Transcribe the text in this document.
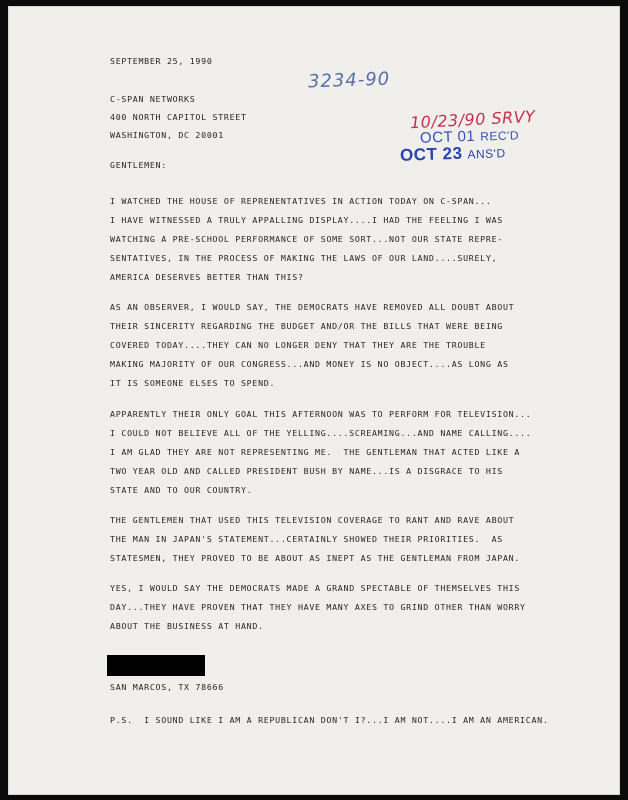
SEPTEMBER 25, 1990
3234-90
C-SPAN NETWORKS
400 NORTH CAPITOL STREET
WASHINGTON, DC 20001
10/23/90 SRVY
OCT 01 REC'D
OCT 23 ANS'D
GENTLEMEN:

I WATCHED THE HOUSE OF REPRENENTATIVES IN ACTION TODAY ON C-SPAN...

I HAVE WITNESSED A TRULY APPALLING DISPLAY....I HAD THE FEELING I WAS

WATCHING A PRE-SCHOOL PERFORMANCE OF SOME SORT...NOT OUR STATE REPRE-

SENTATIVES, IN THE PROCESS OF MAKING THE LAWS OF OUR LAND....SURELY,

AMERICA DESERVES BETTER THAN THIS?

AS AN OBSERVER, I WOULD SAY, THE DEMOCRATS HAVE REMOVED ALL DOUBT ABOUT

THEIR SINCERITY REGARDING THE BUDGET AND/OR THE BILLS THAT WERE BEING

COVERED TODAY....THEY CAN NO LONGER DENY THAT THEY ARE THE TROUBLE

MAKING MAJORITY OF OUR CONGRESS...AND MONEY IS NO OBJECT....AS LONG AS

IT IS SOMEONE ELSES TO SPEND.

APPARENTLY THEIR ONLY GOAL THIS AFTERNOON WAS TO PERFORM FOR TELEVISION...

I COULD NOT BELIEVE ALL OF THE YELLING....SCREAMING...AND NAME CALLING....

I AM GLAD THEY ARE NOT REPRESENTING ME.  THE GENTLEMAN THAT ACTED LIKE A

TWO YEAR OLD AND CALLED PRESIDENT BUSH BY NAME...IS A DISGRACE TO HIS

STATE AND TO OUR COUNTRY.

THE GENTLEMEN THAT USED THIS TELEVISION COVERAGE TO RANT AND RAVE ABOUT

THE MAN IN JAPAN'S STATEMENT...CERTAINLY SHOWED THEIR PRIORITIES.  AS

STATESMEN, THEY PROVED TO BE ABOUT AS INEPT AS THE GENTLEMAN FROM JAPAN.

YES, I WOULD SAY THE DEMOCRATS MADE A GRAND SPECTABLE OF THEMSELVES THIS

DAY...THEY HAVE PROVEN THAT THEY HAVE MANY AXES TO GRIND OTHER THAN WORRY

ABOUT THE BUSINESS AT HAND.

SAN MARCOS, TX 78666
P.S.  I SOUND LIKE I AM A REPUBLICAN DON'T I?...I AM NOT....I AM AN AMERICAN.
